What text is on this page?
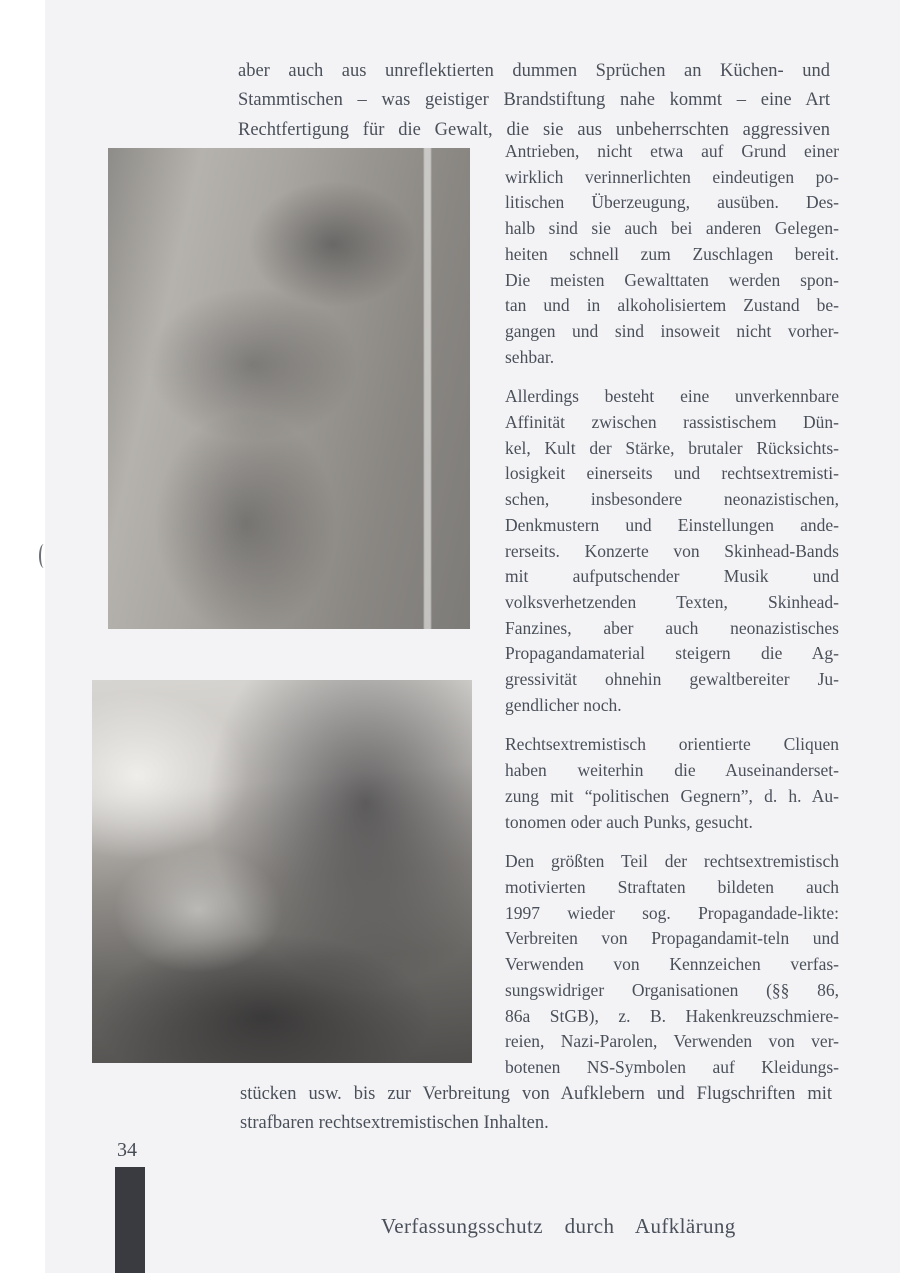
aber auch aus unreflektierten dummen Sprüchen an Küchen- und
Stammtischen – was geistiger Brandstiftung nahe kommt – eine Art
Rechtfertigung für die Gewalt, die sie aus unbeherrschten aggressiven
Antrieben, nicht etwa auf Grund einer
wirklich verinnerlichten eindeutigen po-
litischen Überzeugung, ausüben. Des-
halb sind sie auch bei anderen Gelegen-
heiten schnell zum Zuschlagen bereit.
Die meisten Gewalttaten werden spon-
tan und in alkoholisiertem Zustand be-
gangen und sind insoweit nicht vorher-
sehbar.
Allerdings besteht eine unverkennbare
Affinität zwischen rassistischem Dün-
kel, Kult der Stärke, brutaler Rücksichts-
losigkeit einerseits und rechtsextremisti-
schen, insbesondere neonazistischen,
Denkmustern und Einstellungen ande-
rerseits. Konzerte von Skinhead-Bands
mit aufputschender Musik und
volksverhetzenden Texten, Skinhead-
Fanzines, aber auch neonazistisches
Propagandamaterial steigern die Ag-
gressivität ohnehin gewaltbereiter Ju-
gendlicher noch.
Rechtsextremistisch orientierte Cliquen
haben weiterhin die Auseinanderset-
zung mit “politischen Gegnern”, d. h. Au-
tonomen oder auch Punks, gesucht.
Den größten Teil der rechtsextremistisch
motivierten Straftaten bildeten auch
1997 wieder sog. Propagandade-likte:
Verbreiten von Propagandamit-teln und
Verwenden von Kennzeichen verfas-
sungswidriger Organisationen (§§ 86,
86a StGB), z. B. Hakenkreuzschmiere-
reien, Nazi-Parolen, Verwenden von ver-
botenen NS-Symbolen auf Kleidungs-
stücken usw. bis zur Verbreitung von Aufklebern und Flugschriften mit
strafbaren rechtsextremistischen Inhalten.
34
Verfassungsschutz durch Aufklärung
